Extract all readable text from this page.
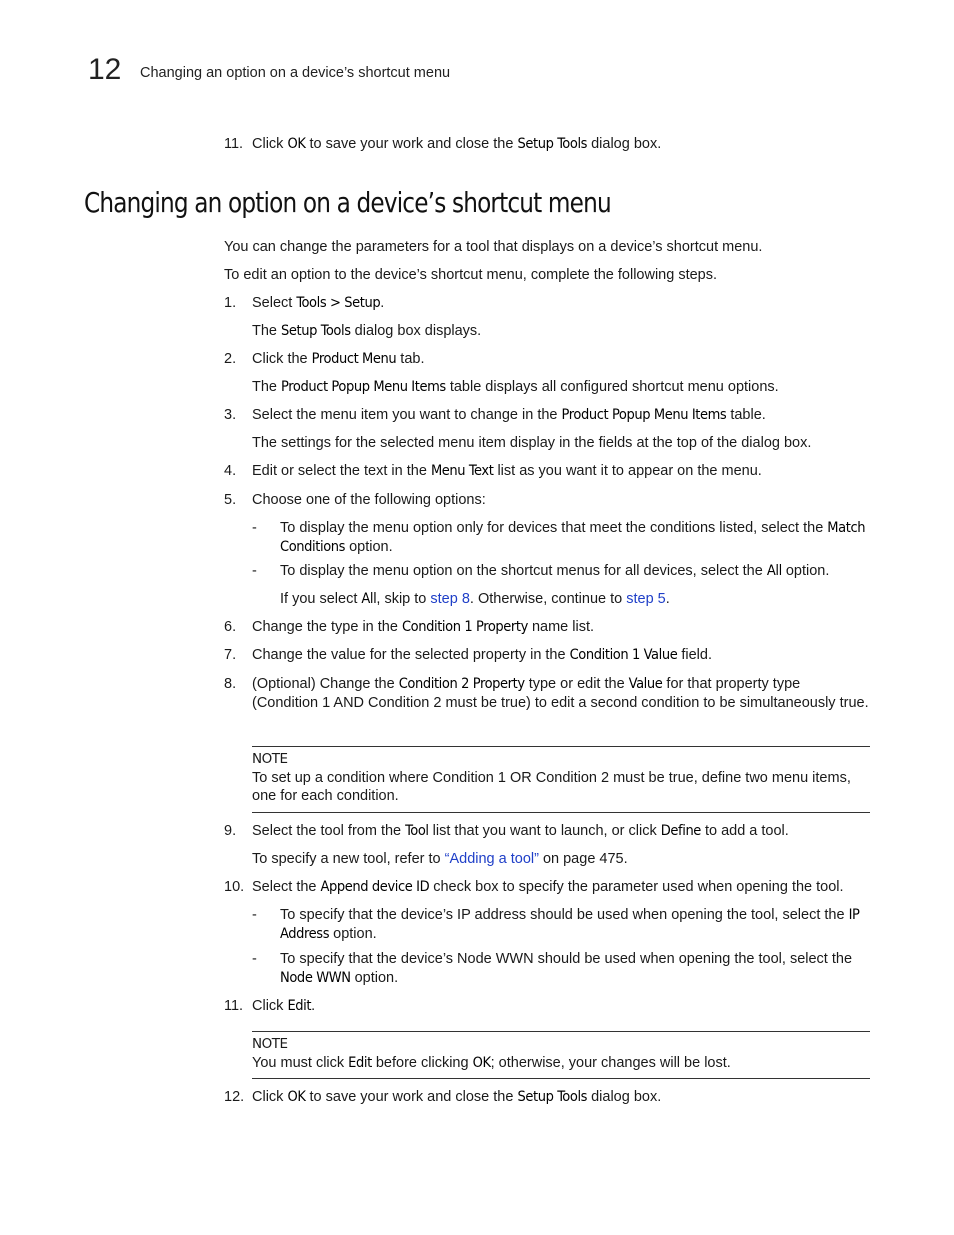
12 Changing an option on a device’s shortcut menu
11. Click OK to save your work and close the Setup Tools dialog box.
Changing an option on a device’s shortcut menu
You can change the parameters for a tool that displays on a device’s shortcut menu.
To edit an option to the device’s shortcut menu, complete the following steps.
1. Select Tools > Setup.
The Setup Tools dialog box displays.
2. Click the Product Menu tab.
The Product Popup Menu Items table displays all configured shortcut menu options.
3. Select the menu item you want to change in the Product Popup Menu Items table.
The settings for the selected menu item display in the fields at the top of the dialog box.
4. Edit or select the text in the Menu Text list as you want it to appear on the menu.
5. Choose one of the following options:
- To display the menu option only for devices that meet the conditions listed, select the Match Conditions option.
- To display the menu option on the shortcut menus for all devices, select the All option.
If you select All, skip to step 8. Otherwise, continue to step 5.
6. Change the type in the Condition 1 Property name list.
7. Change the value for the selected property in the Condition 1 Value field.
8. (Optional) Change the Condition 2 Property type or edit the Value for that property type (Condition 1 AND Condition 2 must be true) to edit a second condition to be simultaneously true.
NOTE
To set up a condition where Condition 1 OR Condition 2 must be true, define two menu items, one for each condition.
9. Select the tool from the Tool list that you want to launch, or click Define to add a tool.
To specify a new tool, refer to “Adding a tool” on page 475.
10. Select the Append device ID check box to specify the parameter used when opening the tool.
- To specify that the device’s IP address should be used when opening the tool, select the IP Address option.
- To specify that the device’s Node WWN should be used when opening the tool, select the Node WWN option.
11. Click Edit.
NOTE
You must click Edit before clicking OK; otherwise, your changes will be lost.
12. Click OK to save your work and close the Setup Tools dialog box.
